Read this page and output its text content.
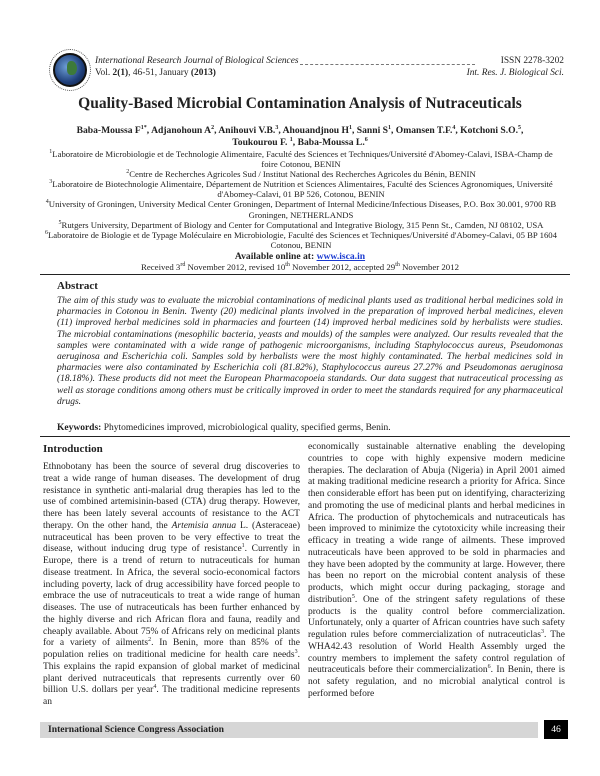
International Research Journal of Biological Sciences
Vol. 2(1), 46-51, January (2013)
ISSN 2278-3202
Int. Res. J. Biological Sci.
Quality-Based Microbial Contamination Analysis of Nutraceuticals
Baba-Moussa $F^{1*}$, Adjanohoun $A^2$, Anihouvi V.B.$^3$, Ahouandjnou $H^1$, Sanni $S^1$, Omansen T.F.$^4$, Kotchoni S.O.$^5$, Toukourou F. $^1$, Baba-Moussa L.$^6$
$^1$Laboratoire de Microbiologie et de Technologie Alimentaire, Faculté des Sciences et Techniques/Université d'Abomey-Calavi, ISBA-Champ de foire Cotonou, BENIN
$^2$Centre de Recherches Agricoles Sud / Institut National des Recherches Agricoles du Bénin, BENIN
$^3$Laboratoire de Biotechnologie Alimentaire, Département de Nutrition et Sciences Alimentaires, Faculté des Sciences Agronomiques, Université d'Abomey-Calavi, 01 BP 526, Cotonou, BENIN
$^4$University of Groningen, University Medical Center Groningen, Department of Internal Medicine/Infectious Diseases, P.O. Box 30.001, 9700 RB Groningen, NETHERLANDS
$^5$Rutgers University, Department of Biology and Center for Computational and Integrative Biology, 315 Penn St., Camden, NJ 08102, USA
$^6$Laboratoire de Biologie et de Typage Moléculaire en Microbiologie, Faculté des Sciences et Techniques/Université d'Abomey-Calavi, 05 BP 1604 Cotonou, BENIN
Available online at: www.isca.in
Received 3rd November 2012, revised 10th November 2012, accepted 29th November 2012
Abstract
The aim of this study was to evaluate the microbial contaminations of medicinal plants used as traditional herbal medicines sold in pharmacies in Cotonou in Benin. Twenty (20) medicinal plants involved in the preparation of improved herbal medicines, eleven (11) improved herbal medicines sold in pharmacies and fourteen (14) improved herbal medicines sold by herbalists were studies. The microbial contaminations (mesophilic bacteria, yeasts and moulds) of the samples were analyzed. Our results revealed that the samples were contaminated with a wide range of pathogenic microorganisms, including Staphylococcus aureus, Pseudomonas aeruginosa and Escherichia coli. Samples sold by herbalists were the most highly contaminated. The herbal medicines sold in pharmacies were also contaminated by Escherichia coli (81.82%), Staphylococcus aureus 27.27% and Pseudomonas aeruginosa (18.18%). These products did not meet the European Pharmacopoeia standards. Our data suggest that nutraceutical processing as well as storage conditions among others must be critically improved in order to meet the standards required for any pharmaceutical drugs.
Keywords: Phytomedicines improved, microbiological quality, specified germs, Benin.
Introduction
Ethnobotany has been the source of several drug discoveries to treat a wide range of human diseases. The development of drug resistance in synthetic anti-malarial drug therapies has led to the use of combined artemisinin-based (CTA) drug therapy. However, there has been lately several accounts of resistance to the ACT therapy. On the other hand, the Artemisia annua L. (Asteraceae) nutraceutical has been proven to be very effective to treat the disease, without inducing drug type of resistance$^1$. Currently in Europe, there is a trend of return to nutraceuticals for human disease treatment. In Africa, the several socio-economical factors including poverty, lack of drug accessibility have forced people to embrace the use of nutraceuticals to treat a wide range of human diseases. The use of nutraceuticals has been further enhanced by the highly diverse and rich African flora and fauna, readily and cheaply available. About 75% of Africans rely on medicinal plants for a variety of ailments$^2$. In Benin, more than 85% of the population relies on traditional medicine for health care needs$^3$. This explains the rapid expansion of global market of medicinal plant derived nutraceuticals that represents currently over 60 billion U.S. dollars per year$^4$. The traditional medicine represents an
economically sustainable alternative enabling the developing countries to cope with highly expensive modern medicine therapies. The declaration of Abuja (Nigeria) in April 2001 aimed at making traditional medicine research a priority for Africa. Since then considerable effort has been put on identifying, characterizing and promoting the use of medicinal plants and herbal medicines in Africa. The production of phytochemicals and nutraceuticals has been improved to minimize the cytotoxicity while increasing their efficacy in treating a wide range of ailments. These improved nutraceuticals have been approved to be sold in pharmacies and they have been adopted by the community at large. However, there has been no report on the microbial content analysis of these products, which might occur during packaging, storage and distribution$^5$. One of the stringent safety regulations of these products is the quality control before commercialization. Unfortunately, only a quarter of African countries have such safety regulation rules before commercialization of nutraceuticlas$^3$. The WHA42.43 resolution of World Health Assembly urged the country members to implement the safety control regulation of neutraceuticals before their commercialization$^6$. In Benin, there is not safety regulation, and no microbial analytical control is performed before
International Science Congress Association	46
